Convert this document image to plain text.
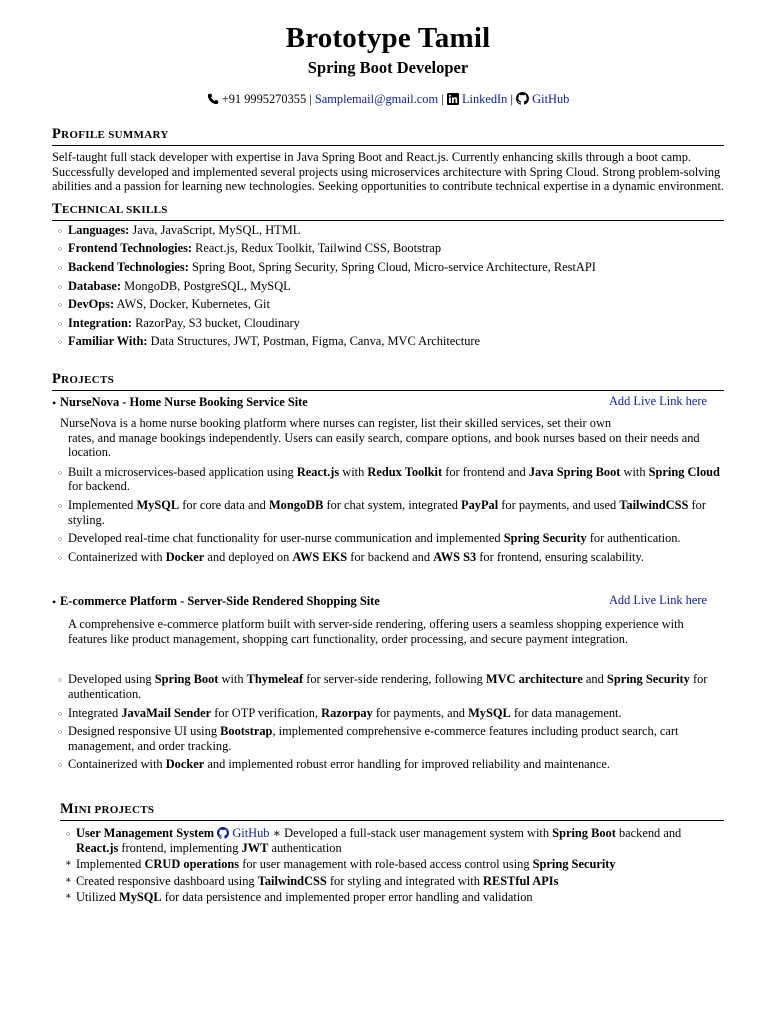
Brototype Tamil
Spring Boot Developer
+91 9995270355 | Samplemail@gmail.com | LinkedIn | GitHub
PROFILE SUMMARY
Self-taught full stack developer with expertise in Java Spring Boot and React.js. Currently enhancing skills through a boot camp. Successfully developed and implemented several projects using microservices architecture with Spring Cloud. Strong problem-solving abilities and a passion for learning new technologies. Seeking opportunities to contribute technical expertise in a dynamic environment.
TECHNICAL SKILLS
○ Languages: Java, JavaScript, MySQL, HTML
○ Frontend Technologies: React.js, Redux Toolkit, Tailwind CSS, Bootstrap
○ Backend Technologies: Spring Boot, Spring Security, Spring Cloud, Micro-service Architecture, RestAPI
○ Database: MongoDB, PostgreSQL, MySQL
○ DevOps: AWS, Docker, Kubernetes, Git
○ Integration: RazorPay, S3 bucket, Cloudinary
○ Familiar With: Data Structures, JWT, Postman, Figma, Canva, MVC Architecture
PROJECTS
• NurseNova - Home Nurse Booking Service Site	Add Live Link here
NurseNova is a home nurse booking platform where nurses can register, list their skilled services, set their own
rates, and manage bookings independently. Users can easily search, compare options, and book nurses based on their needs and location.
○ Built a microservices-based application using React.js with Redux Toolkit for frontend and Java Spring Boot with Spring Cloud for backend.
○ Implemented MySQL for core data and MongoDB for chat system, integrated PayPal for payments, and used TailwindCSS for styling.
○ Developed real-time chat functionality for user-nurse communication and implemented Spring Security for authentication.
○ Containerized with Docker and deployed on AWS EKS for backend and AWS S3 for frontend, ensuring scalability.
• E-commerce Platform - Server-Side Rendered Shopping Site	Add Live Link here
A comprehensive e-commerce platform built with server-side rendering, offering users a seamless shopping experience with features like product management, shopping cart functionality, order processing, and secure payment integration.
○ Developed using Spring Boot with Thymeleaf for server-side rendering, following MVC architecture and Spring Security for authentication.
○ Integrated JavaMail Sender for OTP verification, Razorpay for payments, and MySQL for data management.
○ Designed responsive UI using Bootstrap, implemented comprehensive e-commerce features including product search, cart management, and order tracking.
○ Containerized with Docker and implemented robust error handling for improved reliability and maintenance.
MINI PROJECTS
○ User Management System GitHub ∗ Developed a full-stack user management system with Spring Boot backend and React.js frontend, implementing JWT authentication
∗ Implemented CRUD operations for user management with role-based access control using Spring Security
∗ Created responsive dashboard using TailwindCSS for styling and integrated with RESTful APIs
∗ Utilized MySQL for data persistence and implemented proper error handling and validation
